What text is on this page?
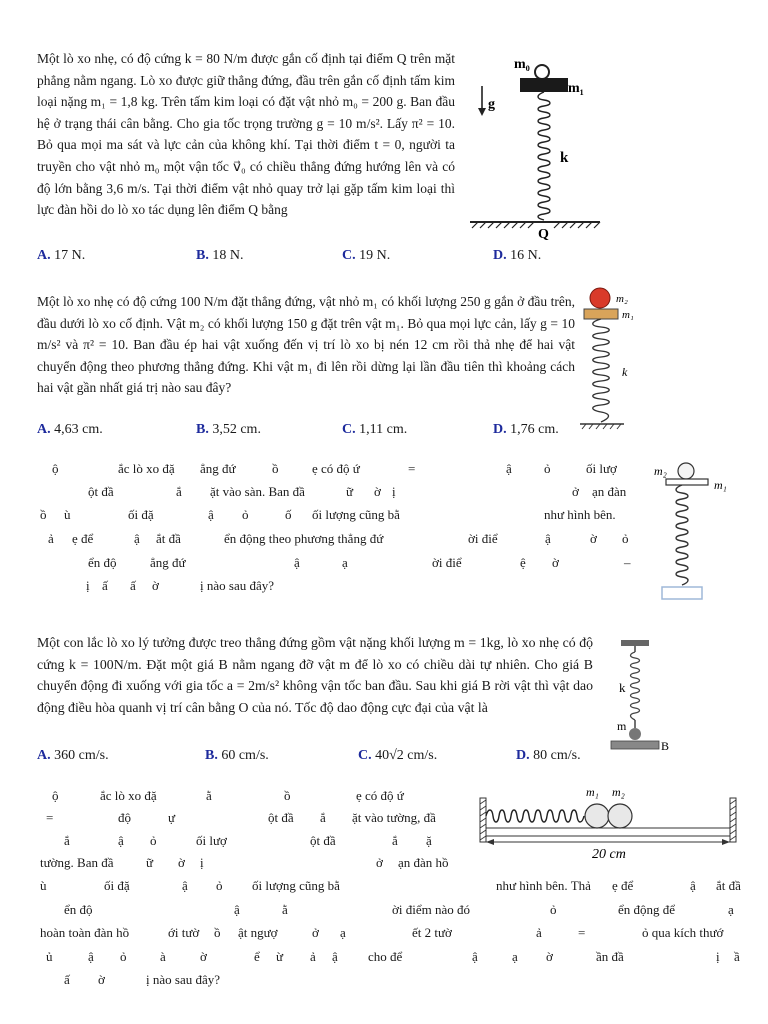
Một lò xo nhẹ, có độ cứng k = 80 N/m được gắn cố định tại điểm Q trên mặt phẳng nằm ngang. Lò xo được giữ thẳng đứng, đầu trên gắn cố định tấm kim loại nặng m₁ = 1,8 kg. Trên tấm kim loại có đặt vật nhỏ m₀ = 200 g. Ban đầu hệ ở trạng thái cân bằng. Cho gia tốc trọng trường g = 10 m/s². Lấy π² = 10. Bỏ qua mọi ma sát và lực cản của không khí. Tại thời điểm t = 0, người ta truyền cho vật nhỏ m₀ một vận tốc v⃗₀ có chiều thẳng đứng hướng lên và có độ lớn bằng 3,6 m/s. Tại thời điểm vật nhỏ quay trở lại gặp tấm kim loại thì lực đàn hồi do lò xo tác dụng lên điểm Q bằng
m₀
m₁
g
k
Q
A. 17 N.	B. 18 N.	C. 19 N.	D. 16 N.
Một lò xo nhẹ có độ cứng 100 N/m đặt thẳng đứng, vật nhỏ m₁ có khối lượng 250 g gắn ở đầu trên, đầu dưới lò xo cố định. Vật m₂ có khối lượng 150 g đặt trên vật m₁. Bỏ qua mọi lực cản, lấy g = 10 m/s² và π² = 10. Ban đầu ép hai vật xuống đến vị trí lò xo bị nén 12 cm rồi thả nhẹ để hai vật chuyển động theo phương thẳng đứng. Khi vật m₁ đi lên rồi dừng lại lần đầu tiên thì khoảng cách hai vật gần nhất giá trị nào sau đây?
m₂
m₁
k
A. 4,63 cm.	B. 3,52 cm.	C. 1,11 cm.	D. 1,76 cm.
ộ	ắc lò xo đặ ẳng đứ	ồ	ẹ có độ ứ	=	ậ ỏ	ối lượ
ột đầ	ắ ặt vào sàn. Ban đầ	ữ ờ ị	ở ạn đàn
ồ ù	ối đặ	ậ ỏ	ố ối lượng cũng bằ	như hình bên.
ả ẹ để	ậ ắt đầ	ển động theo phương thẳng đứ	ời điể	ậ	ờ ỏ
ển độ	ẳng đứ	ậ	ạ	ời điể	ệ ờ	–
ị ấ ấ ờ	ị nào sau đây?
m₂
m₁
Một con lắc lò xo lý tưởng được treo thẳng đứng gồm vật nặng khối lượng m = 1kg, lò xo nhẹ có độ cứng k = 100N/m. Đặt một giá B nằm ngang đỡ vật m để lò xo có chiều dài tự nhiên. Cho giá B chuyển động đi xuống với gia tốc a = 2m/s² không vận tốc ban đầu. Sau khi giá B rời vật thì vật dao động điều hòa quanh vị trí cân bằng O của nó. Tốc độ dao động cực đại của vật là
k
m
B
A. 360 cm/s.	B. 60 cm/s.	C. 40√2 cm/s.	D. 80 cm/s.
ộ	ắc lò xo đặ	ằ	ồ	ẹ có độ ứ
=	độ	ự	ột đầ ắ ặt vào tường, đầ
ắ	ậ ỏ	ối lượ	ột đầ	ắ ặ
tường. Ban đầ	ữ ờ ị	ở ạn đàn hồ
ù	ối đặ	ậ ỏ ối lượng cũng bằ	như hình bên. Thả ẹ để	ậ ắt đầ
ển độ	ậ	ằ	ời điểm nào đó	ỏ	ển động để	ạ
hoàn toàn đàn hồ	ới tườ ồ ật ngượ	ở ạ	ết 2 tườ	ả	=	ỏ qua kích thướ
ủ	ậ ỏ	à	ờ	ể ừ ả ậ cho để	ậ	ạ ờ	ần đầ	ị ầ
ấ ờ	ị nào sau đây?
m₁ m₂
20 cm
